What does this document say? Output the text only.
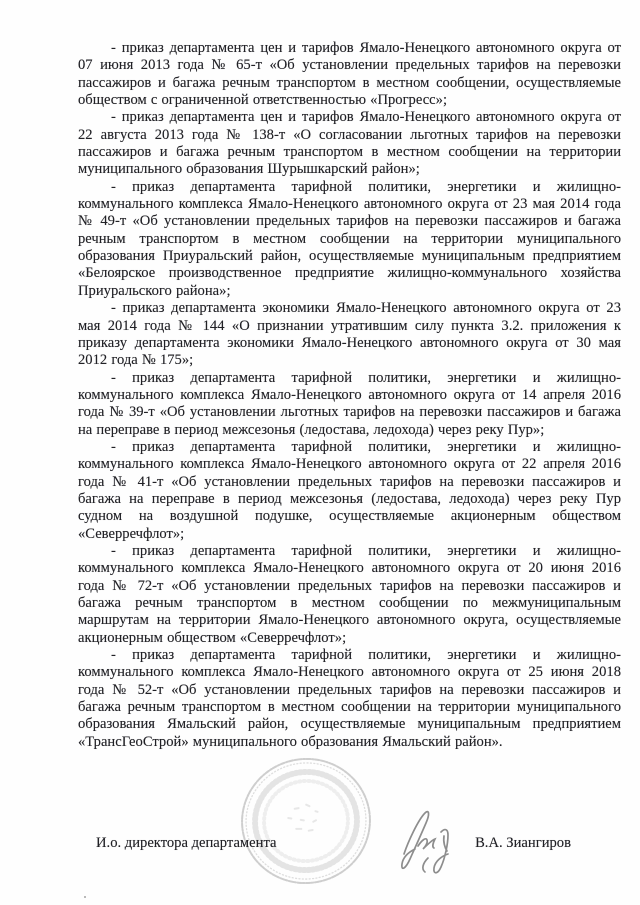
- приказ департамента цен и тарифов Ямало-Ненецкого автономного округа от 07 июня 2013 года № 65-т «Об установлении предельных тарифов на перевозки пассажиров и багажа речным транспортом в местном сообщении, осуществляемые обществом с ограниченной ответственностью «Прогресс»;

- приказ департамента цен и тарифов Ямало-Ненецкого автономного округа от 22 августа 2013 года № 138-т «О согласовании льготных тарифов на перевозки пассажиров и багажа речным транспортом в местном сообщении на территории муниципального образования Шурышкарский район»;

- приказ департамента тарифной политики, энергетики и жилищно-коммунального комплекса Ямало-Ненецкого автономного округа от 23 мая 2014 года № 49-т «Об установлении предельных тарифов на перевозки пассажиров и багажа речным транспортом в местном сообщении на территории муниципального образования Приуральский район, осуществляемые муниципальным предприятием «Белоярское производственное предприятие жилищно-коммунального хозяйства Приуральского района»;

- приказ департамента экономики Ямало-Ненецкого автономного округа от 23 мая 2014 года № 144 «О признании утратившим силу пункта 3.2. приложения к приказу департамента экономики Ямало-Ненецкого автономного округа от 30 мая 2012 года № 175»;

- приказ департамента тарифной политики, энергетики и жилищно-коммунального комплекса Ямало-Ненецкого автономного округа от 14 апреля 2016 года № 39-т «Об установлении льготных тарифов на перевозки пассажиров и багажа на переправе в период межсезонья (ледостава, ледохода) через реку Пур»;

- приказ департамента тарифной политики, энергетики и жилищно-коммунального комплекса Ямало-Ненецкого автономного округа от 22 апреля 2016 года № 41-т «Об установлении предельных тарифов на перевозки пассажиров и багажа на переправе в период межсезонья (ледостава, ледохода) через реку Пур судном на воздушной подушке, осуществляемые акционерным обществом «Северречфлот»;

- приказ департамента тарифной политики, энергетики и жилищно-коммунального комплекса Ямало-Ненецкого автономного округа от 20 июня 2016 года № 72-т «Об установлении предельных тарифов на перевозки пассажиров и багажа речным транспортом в местном сообщении по межмуниципальным маршрутам на территории Ямало-Ненецкого автономного округа, осуществляемые акционерным обществом «Северречфлот»;

- приказ департамента тарифной политики, энергетики и жилищно-коммунального комплекса Ямало-Ненецкого автономного округа от 25 июня 2018 года № 52-т «Об установлении предельных тарифов на перевозки пассажиров и багажа речным транспортом в местном сообщении на территории муниципального образования Ямальский район, осуществляемые муниципальным предприятием «ТрансГеоСтрой» муниципального образования Ямальский район».

И.о. директора департамента	В.А. Зиангиров
